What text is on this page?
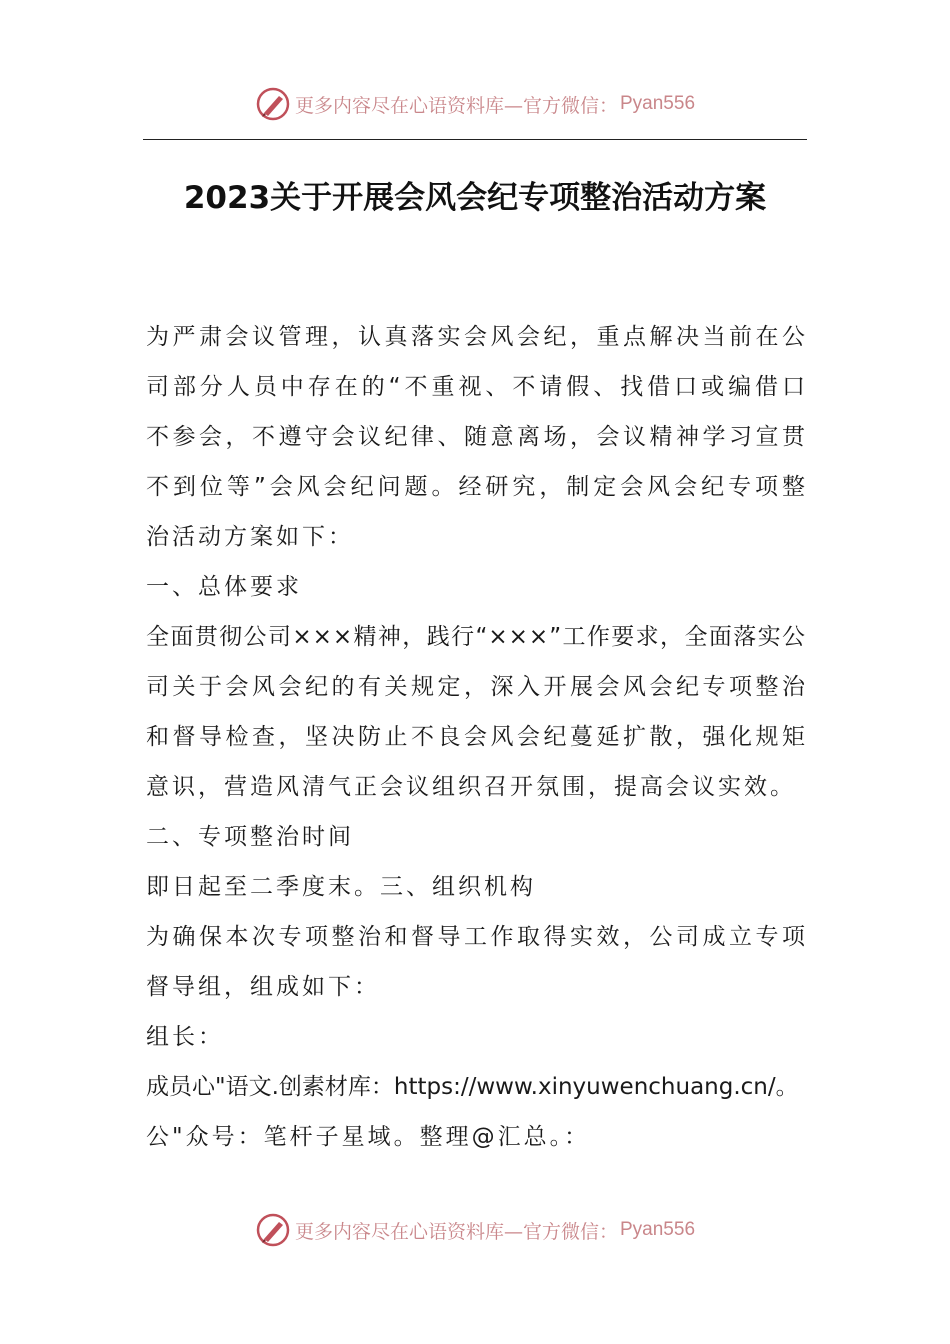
更多内容尽在心语资料库—官方微信： Pyan556
2023关于开展会风会纪专项整治活动方案
为严肃会议管理，认真落实会风会纪，重点解决当前在公
司部分人员中存在的“不重视、不请假、找借口或编借口
不参会，不遵守会议纪律、随意离场，会议精神学习宣贯
不到位等”会风会纪问题。经研究，制定会风会纪专项整
治活动方案如下：
一、总体要求
全面贯彻公司×××精神，践行“×××”工作要求，全面落实公
司关于会风会纪的有关规定，深入开展会风会纪专项整治
和督导检查，坚决防止不良会风会纪蔓延扩散，强化规矩
意识，营造风清气正会议组织召开氛围，提高会议实效。
二、专项整治时间
即日起至二季度末。三、组织机构
为确保本次专项整治和督导工作取得实效，公司成立专项
督导组，组成如下：
组长：
成员心"语文.创素材库：https://www.xinyuwenchuang.cn/。
公"众号：笔杆子星域。整理@汇总。：
更多内容尽在心语资料库—官方微信： Pyan556
